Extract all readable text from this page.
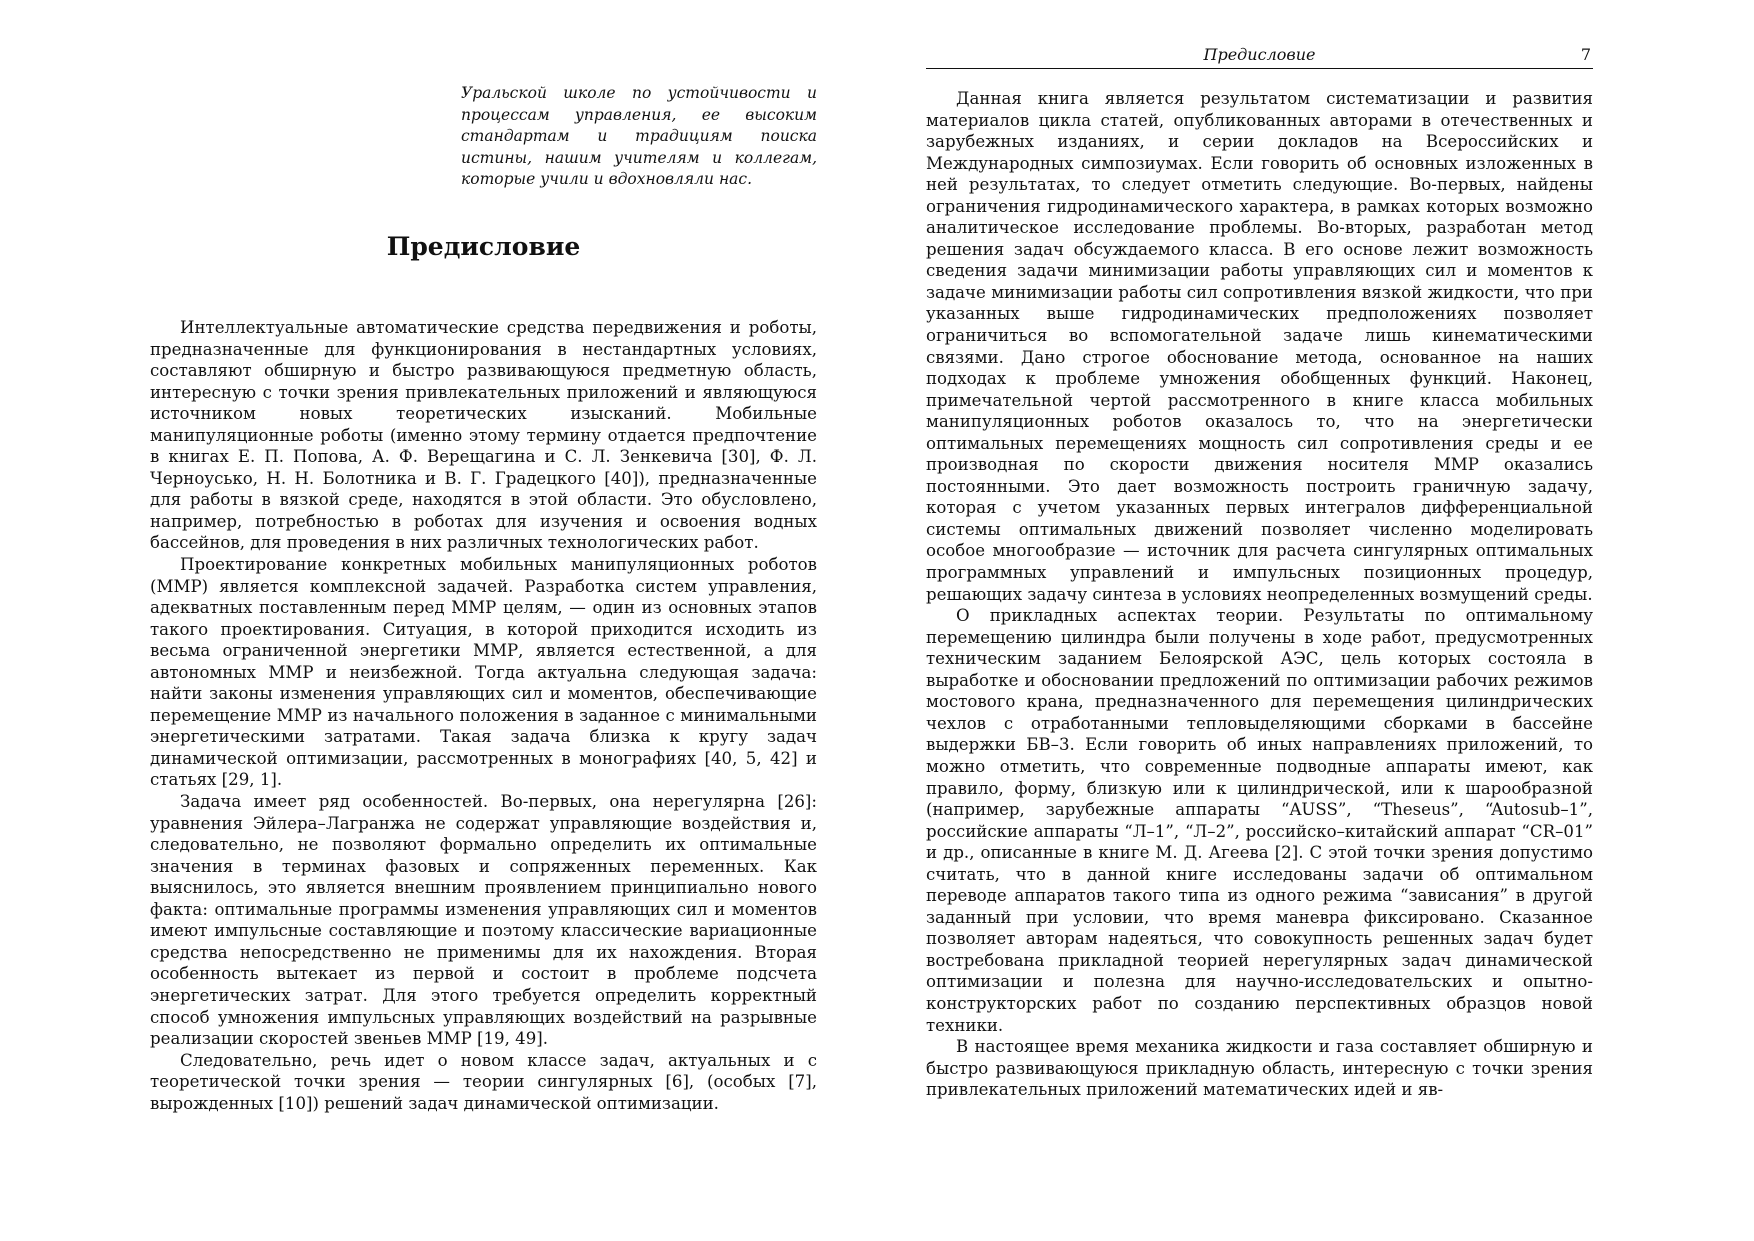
Уральской школе по устойчивости и процессам управления, ее высоким стандартам и традициям поиска истины, нашим учителям и коллегам, которые учили и вдохновляли нас.

Предисловие

Интеллектуальные автоматические средства передвижения и роботы, предназначенные для функционирования в нестандартных условиях, составляют обширную и быстро развивающуюся предметную область, интересную с точки зрения привлекательных приложений и являющуюся источником новых теоретических изысканий. Мобильные манипуляционные роботы (именно этому термину отдается предпочтение в книгах Е. П. Попова, А. Ф. Верещагина и С. Л. Зенкевича [30], Ф. Л. Черноусько, Н. Н. Болотника и В. Г. Градецкого [40]), предназначенные для работы в вязкой среде, находятся в этой области. Это обусловлено, например, потребностью в роботах для изучения и освоения водных бассейнов, для проведения в них различных технологических работ.

Проектирование конкретных мобильных манипуляционных роботов (ММР) является комплексной задачей. Разработка систем управления, адекватных поставленным перед ММР целям, — один из основных этапов такого проектирования. Ситуация, в которой приходится исходить из весьма ограниченной энергетики ММР, является естественной, а для автономных ММР и неизбежной. Тогда актуальна следующая задача: найти законы изменения управляющих сил и моментов, обеспечивающие перемещение ММР из начального положения в заданное с минимальными энергетическими затратами. Такая задача близка к кругу задач динамической оптимизации, рассмотренных в монографиях [40, 5, 42] и статьях [29, 1].

Задача имеет ряд особенностей. Во-первых, она нерегулярна [26]: уравнения Эйлера–Лагранжа не содержат управляющие воздействия и, следовательно, не позволяют формально определить их оптимальные значения в терминах фазовых и сопряженных переменных. Как выяснилось, это является внешним проявлением принципиально нового факта: оптимальные программы изменения управляющих сил и моментов имеют импульсные составляющие и поэтому классические вариационные средства непосредственно не применимы для их нахождения. Вторая особенность вытекает из первой и состоит в проблеме подсчета энергетических затрат. Для этого требуется определить корректный способ умножения импульсных управляющих воздействий на разрывные реализации скоростей звеньев ММР [19, 49].

Следовательно, речь идет о новом классе задач, актуальных и с теоретической точки зрения — теории сингулярных [6], (особых [7], вырожденных [10]) решений задач динамической оптимизации.

Предисловие	7

Данная книга является результатом систематизации и развития материалов цикла статей, опубликованных авторами в отечественных и зарубежных изданиях, и серии докладов на Всероссийских и Международных симпозиумах. Если говорить об основных изложенных в ней результатах, то следует отметить следующие. Во-первых, найдены ограничения гидродинамического характера, в рамках которых возможно аналитическое исследование проблемы. Во-вторых, разработан метод решения задач обсуждаемого класса. В его основе лежит возможность сведения задачи минимизации работы управляющих сил и моментов к задаче минимизации работы сил сопротивления вязкой жидкости, что при указанных выше гидродинамических предположениях позволяет ограничиться во вспомогательной задаче лишь кинематическими связями. Дано строгое обоснование метода, основанное на наших подходах к проблеме умножения обобщенных функций. Наконец, примечательной чертой рассмотренного в книге класса мобильных манипуляционных роботов оказалось то, что на энергетически оптимальных перемещениях мощность сил сопротивления среды и ее производная по скорости движения носителя ММР оказались постоянными. Это дает возможность построить граничную задачу, которая с учетом указанных первых интегралов дифференциальной системы оптимальных движений позволяет численно моделировать особое многообразие — источник для расчета сингулярных оптимальных программных управлений и импульсных позиционных процедур, решающих задачу синтеза в условиях неопределенных возмущений среды.

О прикладных аспектах теории. Результаты по оптимальному перемещению цилиндра были получены в ходе работ, предусмотренных техническим заданием Белоярской АЭС, цель которых состояла в выработке и обосновании предложений по оптимизации рабочих режимов мостового крана, предназначенного для перемещения цилиндрических чехлов с отработанными тепловыделяющими сборками в бассейне выдержки БВ–3. Если говорить об иных направлениях приложений, то можно отметить, что современные подводные аппараты имеют, как правило, форму, близкую или к цилиндрической, или к шарообразной (например, зарубежные аппараты “AUSS”, “Theseus”, “Autosub–1”, российские аппараты “Л–1”, “Л–2”, российско–китайский аппарат “CR–01” и др., описанные в книге М. Д. Агеева [2]. С этой точки зрения допустимо считать, что в данной книге исследованы задачи об оптимальном переводе аппаратов такого типа из одного режима “зависания” в другой заданный при условии, что время маневра фиксировано. Сказанное позволяет авторам надеяться, что совокупность решенных задач будет востребована прикладной теорией нерегулярных задач динамической оптимизации и полезна для научно-исследовательских и опытно-конструкторских работ по созданию перспективных образцов новой техники.

В настоящее время механика жидкости и газа составляет обширную и быстро развивающуюся прикладную область, интересную с точки зрения привлекательных приложений математических идей и яв-
